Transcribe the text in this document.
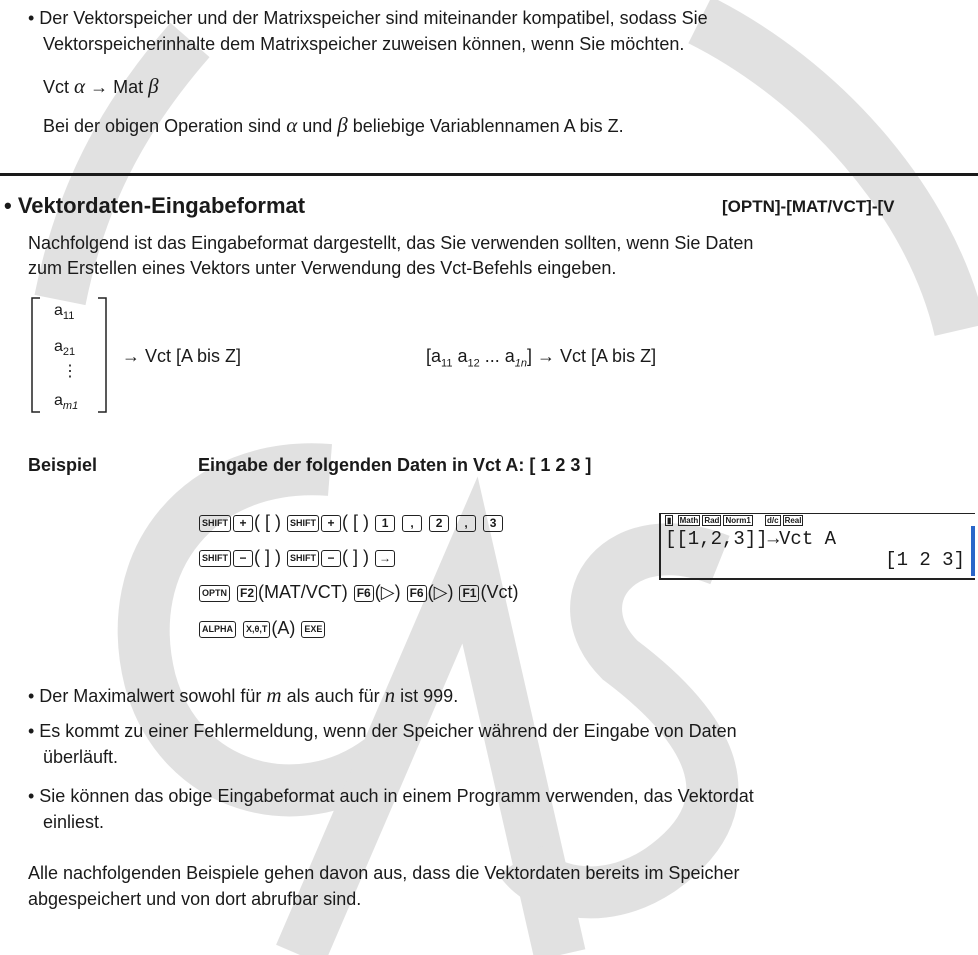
• Der Vektorspeicher und der Matrixspeicher sind miteinander kompatibel, sodass Sie
Vektorspeicherinhalte dem Matrixspeicher zuweisen können, wenn Sie möchten.
Vct α → Mat β
Bei der obigen Operation sind α und β beliebige Variablennamen A bis Z.
• Vektordaten-Eingabeformat	[OPTN]-[MAT/VCT]-[V
Nachfolgend ist das Eingabeformat dargestellt, das Sie verwenden sollten, wenn Sie Daten
zum Erstellen eines Vektors unter Verwendung des Vct-Befehls eingeben.
$a_{11}$
$a_{21}$
⋮
$a_{m1}$
→ Vct [A bis Z]	[$a_{11}$ $a_{12}$ ... $a_{1n}$] → Vct [A bis Z]
Beispiel	Eingabe der folgenden Daten in Vct A: [ 1 2 3 ]
SHIFT + ( [ ) SHIFT + ( [ ) 1 , 2 , 3
SHIFT − ( ] ) SHIFT − ( ] ) →
OPTN F2 (MAT/VCT) F6 (▷) F6 (▷) F1 (Vct)
ALPHA X,θ,T (A) EXE
▮ Math Rad Norm1 d/c Real
[[1,2,3]]→Vct A
[1 2 3]
• Der Maximalwert sowohl für m als auch für n ist 999.
• Es kommt zu einer Fehlermeldung, wenn der Speicher während der Eingabe von Daten
überläuft.
• Sie können das obige Eingabeformat auch in einem Programm verwenden, das Vektordat
einliest.
Alle nachfolgenden Beispiele gehen davon aus, dass die Vektordaten bereits im Speicher
abgespeichert und von dort abrufbar sind.
